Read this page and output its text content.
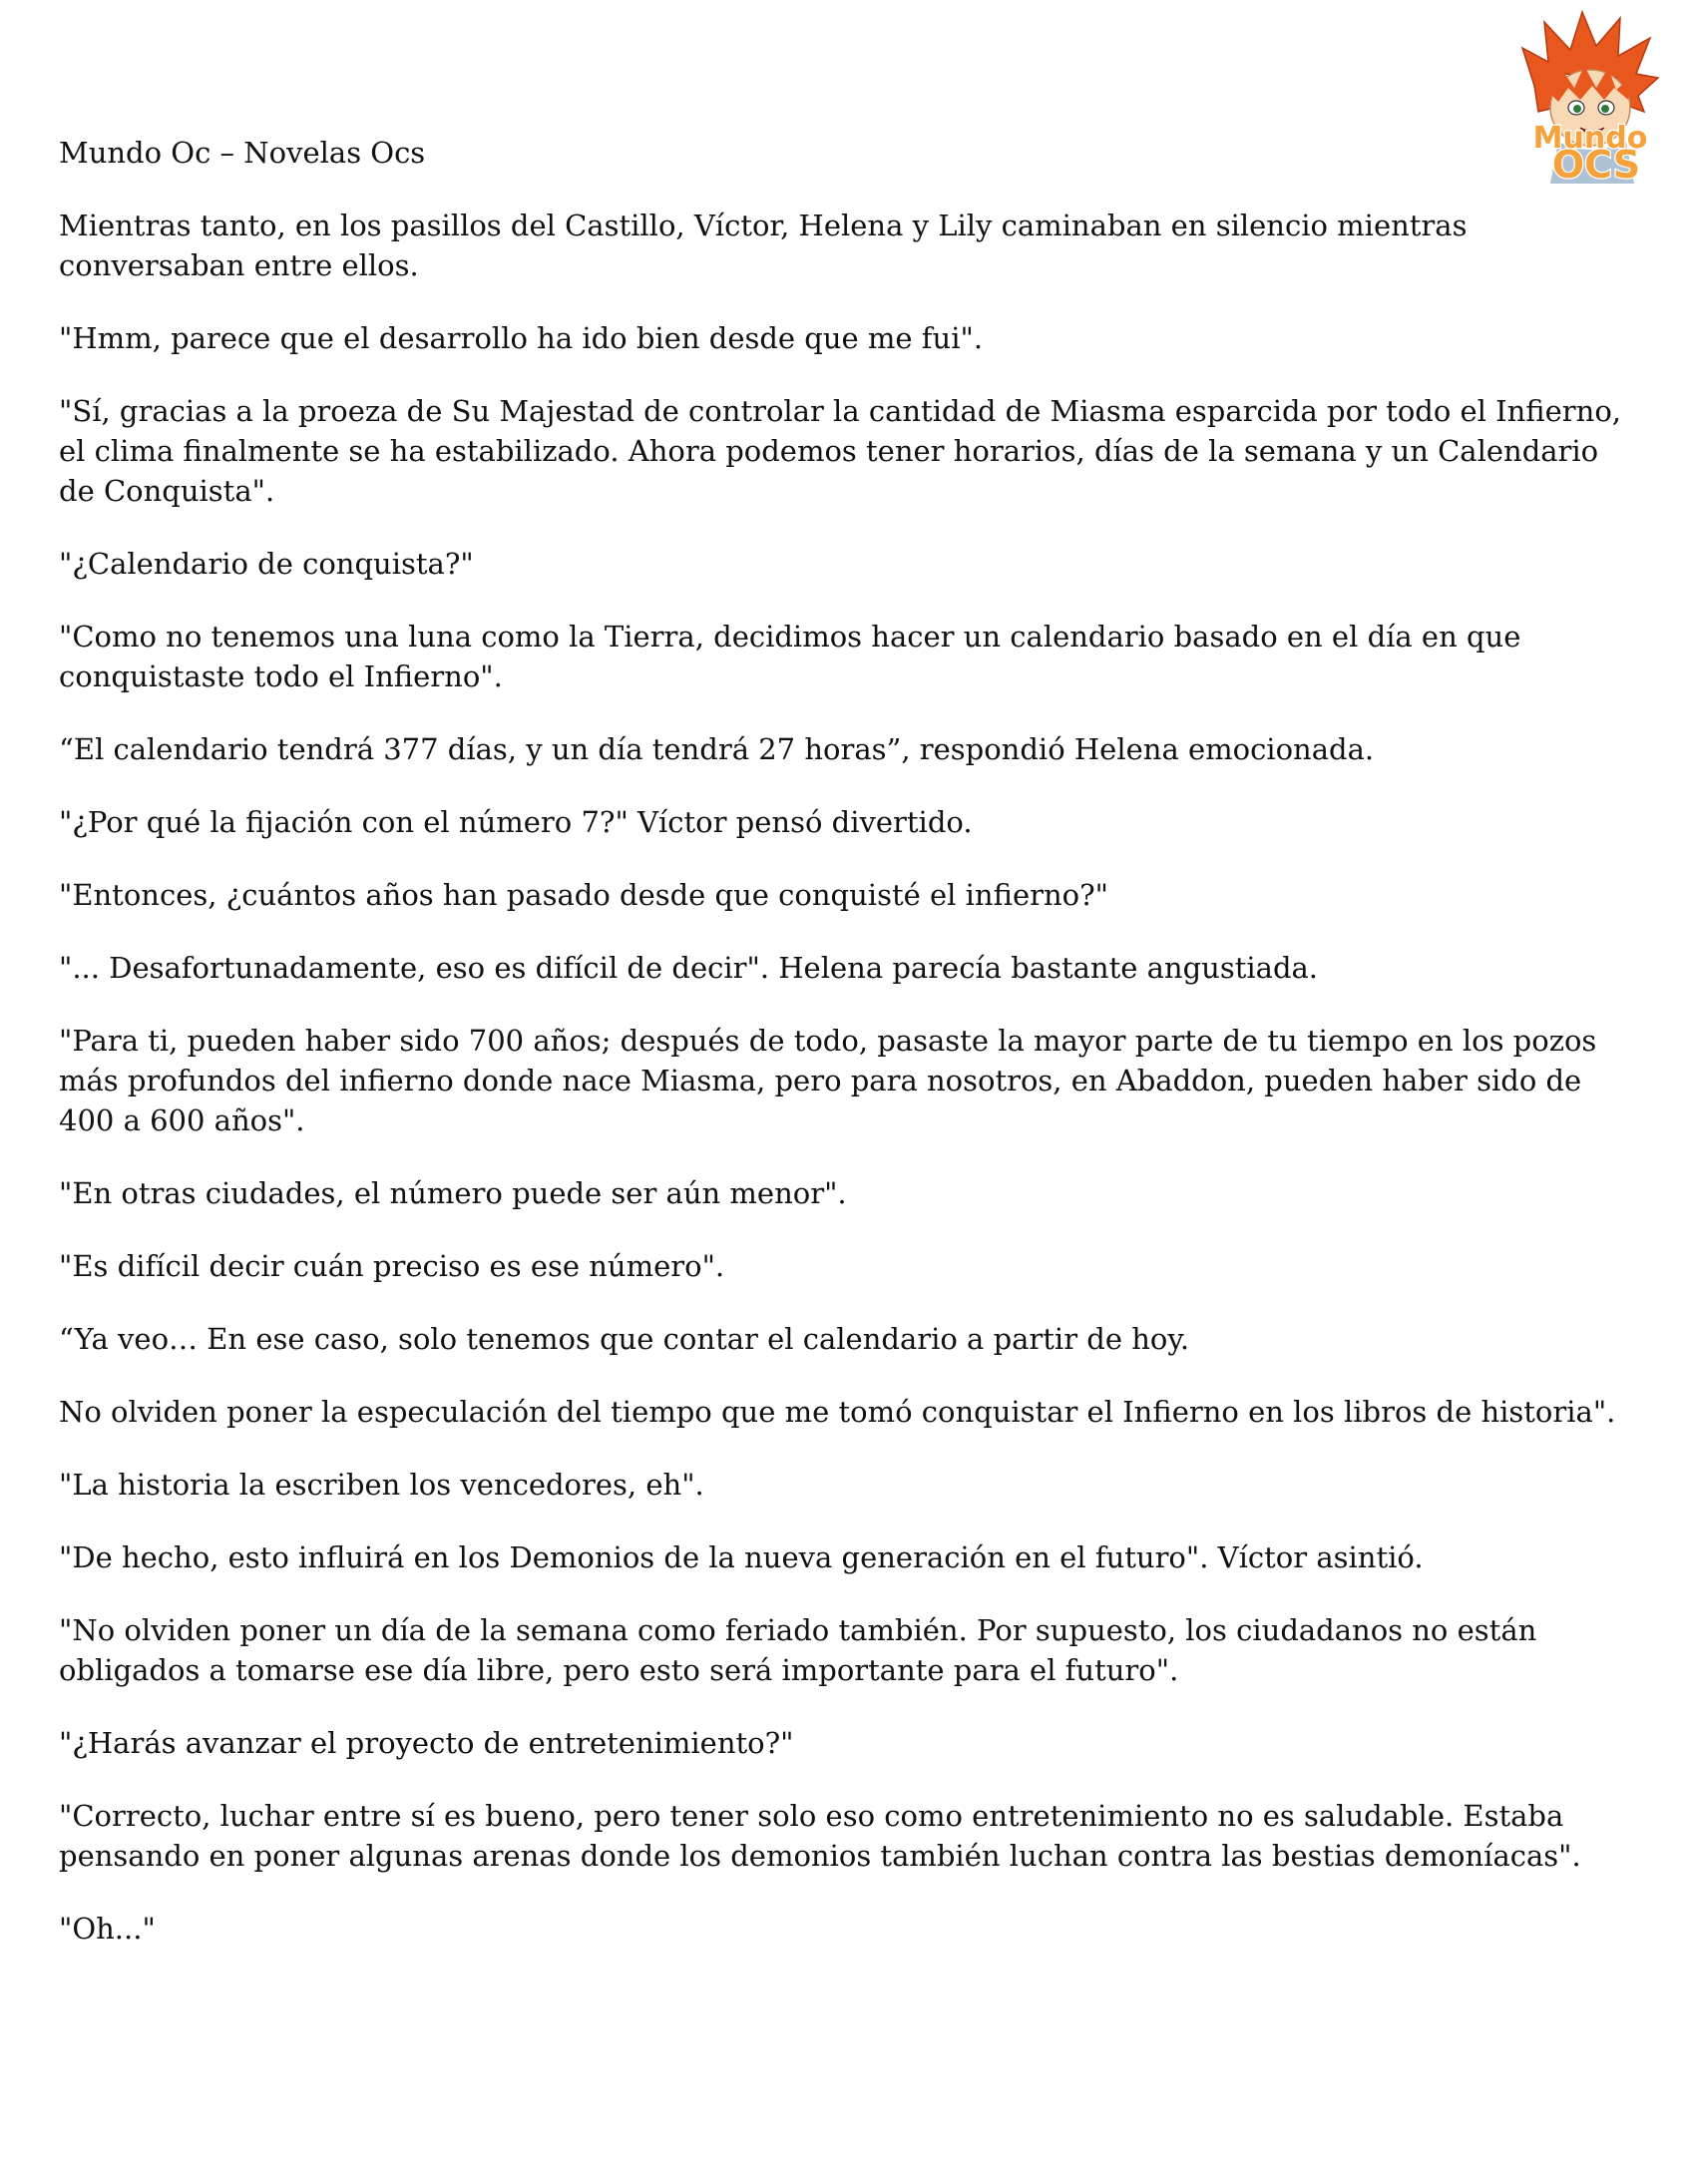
Mundo Oc – Novelas Ocs	Mundo
OCS

Mientras tanto, en los pasillos del Castillo, Víctor, Helena y Lily caminaban en silencio mientras conversaban entre ellos.

"Hmm, parece que el desarrollo ha ido bien desde que me fui".

"Sí, gracias a la proeza de Su Majestad de controlar la cantidad de Miasma esparcida por todo el Infierno, el clima finalmente se ha estabilizado. Ahora podemos tener horarios, días de la semana y un Calendario de Conquista".

"¿Calendario de conquista?"

"Como no tenemos una luna como la Tierra, decidimos hacer un calendario basado en el día en que conquistaste todo el Infierno".

“El calendario tendrá 377 días, y un día tendrá 27 horas”, respondió Helena emocionada.

"¿Por qué la fijación con el número 7?" Víctor pensó divertido.

"Entonces, ¿cuántos años han pasado desde que conquisté el infierno?"

"... Desafortunadamente, eso es difícil de decir". Helena parecía bastante angustiada.

"Para ti, pueden haber sido 700 años; después de todo, pasaste la mayor parte de tu tiempo en los pozos más profundos del infierno donde nace Miasma, pero para nosotros, en Abaddon, pueden haber sido de 400 a 600 años".

"En otras ciudades, el número puede ser aún menor".

"Es difícil decir cuán preciso es ese número".

“Ya veo… En ese caso, solo tenemos que contar el calendario a partir de hoy.

No olviden poner la especulación del tiempo que me tomó conquistar el Infierno en los libros de historia".

"La historia la escriben los vencedores, eh".

"De hecho, esto influirá en los Demonios de la nueva generación en el futuro". Víctor asintió.

"No olviden poner un día de la semana como feriado también. Por supuesto, los ciudadanos no están obligados a tomarse ese día libre, pero esto será importante para el futuro".

"¿Harás avanzar el proyecto de entretenimiento?"

"Correcto, luchar entre sí es bueno, pero tener solo eso como entretenimiento no es saludable. Estaba pensando en poner algunas arenas donde los demonios también luchan contra las bestias demoníacas".

"Oh..."
